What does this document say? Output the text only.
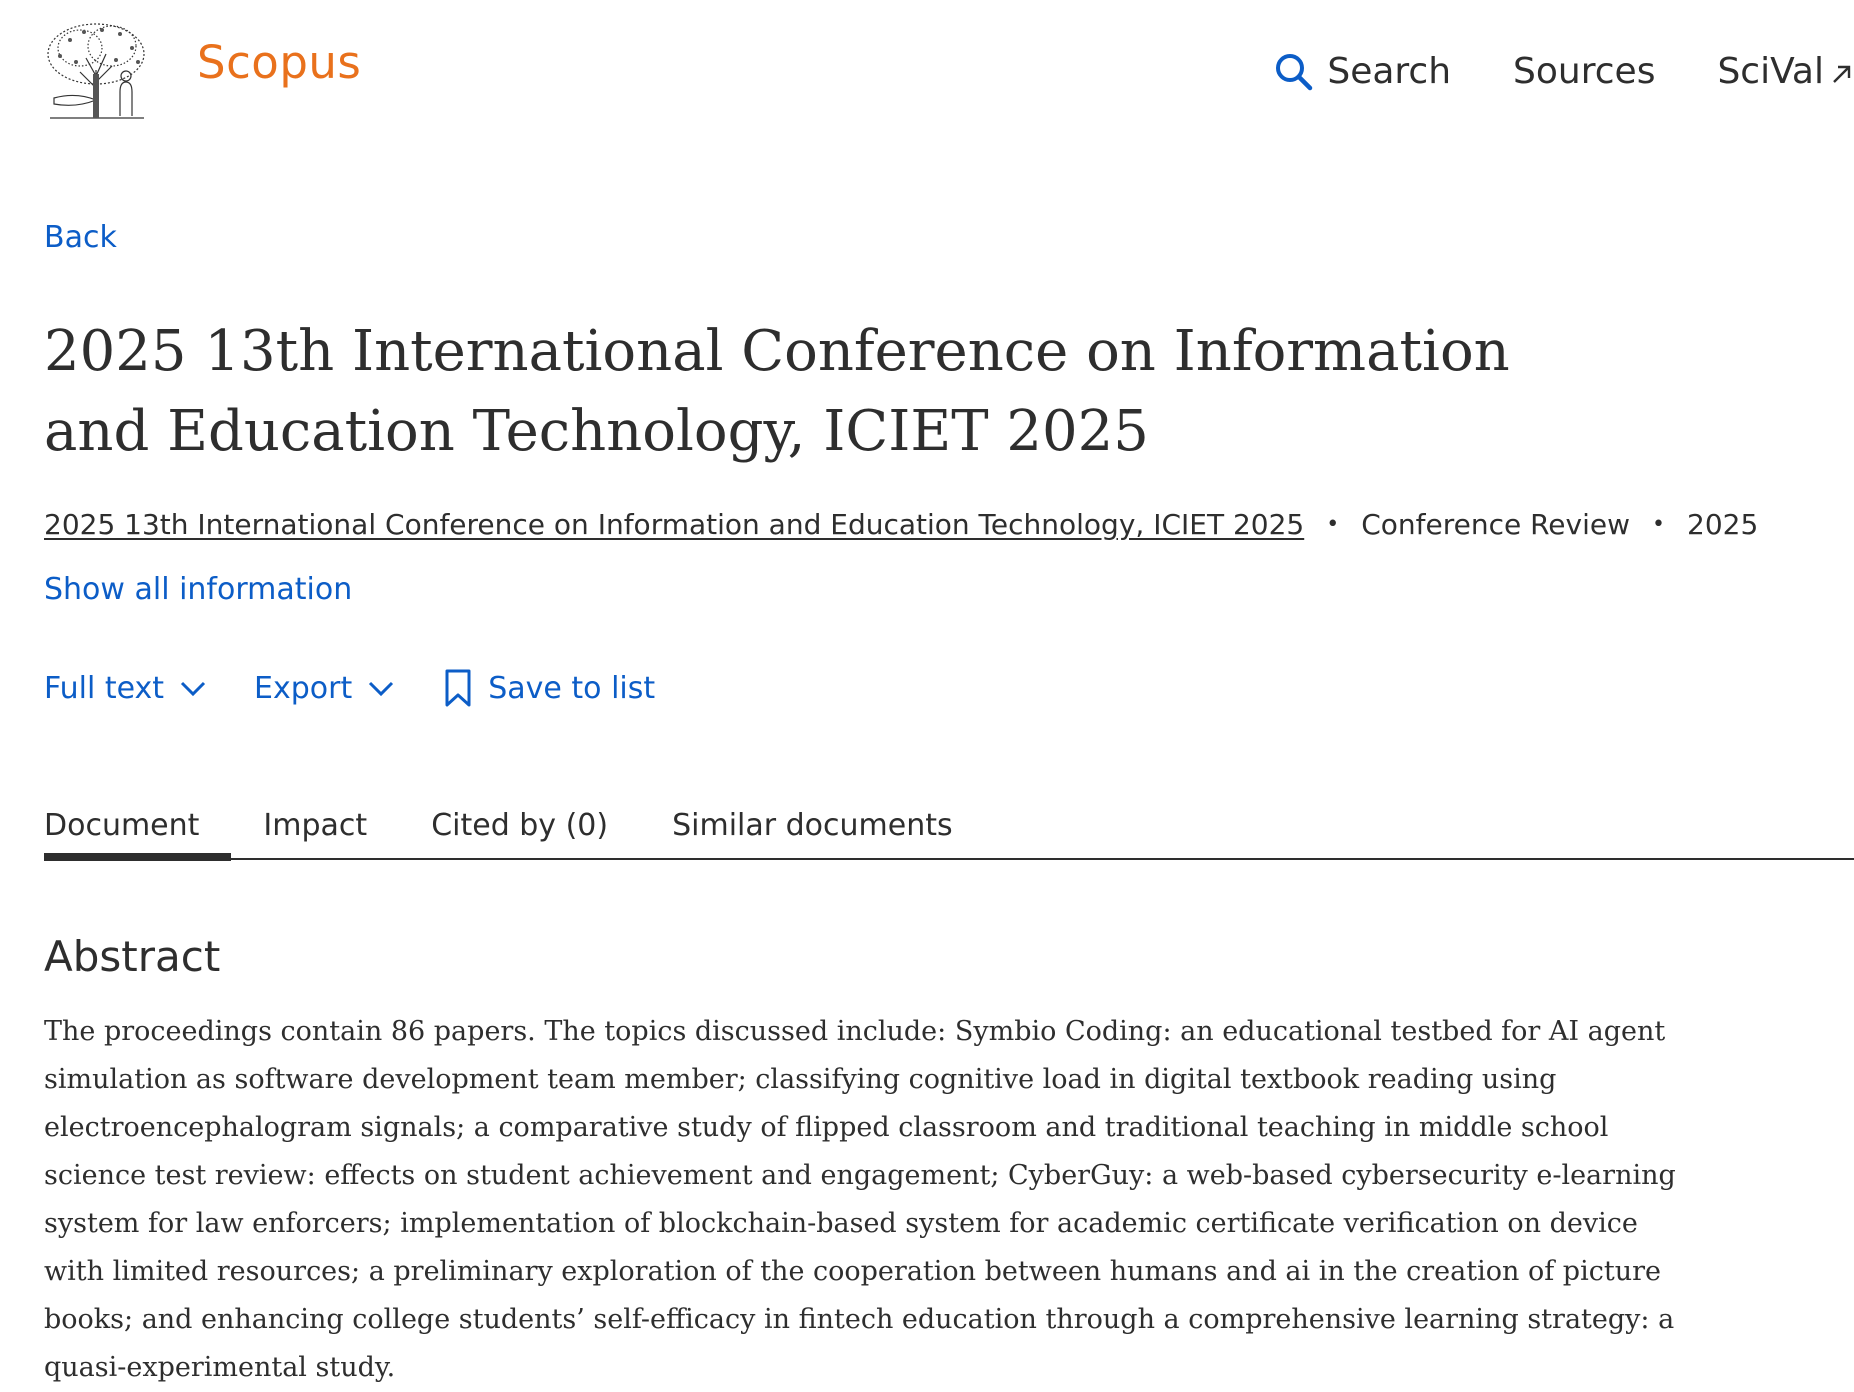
Scopus	Search Sources SciVal
Back
2025 13th International Conference on Information and Education Technology, ICIET 2025
2025 13th International Conference on Information and Education Technology, ICIET 2025 • Conference Review • 2025
Show all information
Full text	Export	Save to list
Document Impact Cited by (0) Similar documents
Abstract

The proceedings contain 86 papers. The topics discussed include: Symbio Coding: an educational testbed for AI agent simulation as software development team member; classifying cognitive load in digital textbook reading using electroencephalogram signals; a comparative study of flipped classroom and traditional teaching in middle school science test review: effects on student achievement and engagement; CyberGuy: a web-based cybersecurity e-learning system for law enforcers; implementation of blockchain-based system for academic certificate verification on device with limited resources; a preliminary exploration of the cooperation between humans and ai in the creation of picture books; and enhancing college students’ self-efficacy in fintech education through a comprehensive learning strategy: a quasi-experimental study.
